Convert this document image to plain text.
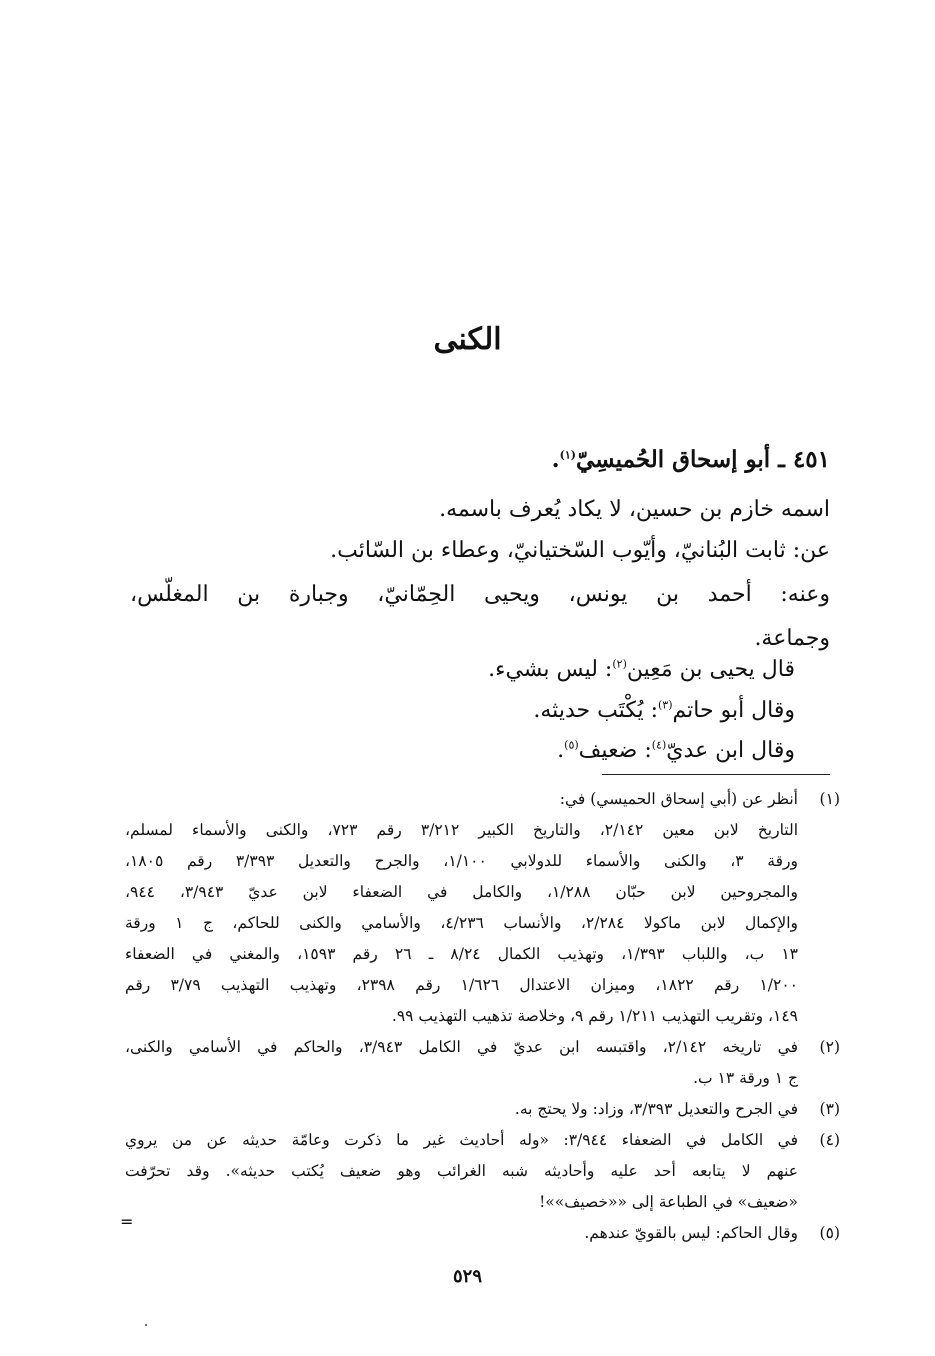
الكنى
٤٥١ ـ أبو إسحاق الحُميسِيّ$^{(١)}$.
اسمه خازم بن حسين، لا يكاد يُعرف باسمه.
عن: ثابت البُنانيّ، وأيّوب السّختيانيّ، وعطاء بن السّائب.
وعنه: أحمد بن يونس، ويحيى الحِمّانيّ، وجبارة بن المغلّس،
وجماعة.
قال يحيى بن مَعِين$^{(٢)}$: ليس بشيء.
وقال أبو حاتم$^{(٣)}$: يُكْتَب حديثه.
وقال ابن عديّ$^{(٤)}$: ضعيف$^{(٥)}$.
(١)
أنظر عن (أبي إسحاق الحميسي) في:
التاريخ لابن معين ٢/١٤٢، والتاريخ الكبير ٣/٢١٢ رقم ٧٢٣، والكنى والأسماء لمسلم،
ورقة ٣، والكنى والأسماء للدولابي ١/١٠٠، والجرح والتعديل ٣/٣٩٣ رقم ١٨٠٥،
والمجروحين لابن حبّان ١/٢٨٨، والكامل في الضعفاء لابن عديّ ٣/٩٤٣، ٩٤٤،
والإكمال لابن ماكولا ٢/٢٨٤، والأنساب ٤/٢٣٦، والأسامي والكنى للحاكم، ج ١ ورقة
١٣ ب، واللباب ١/٣٩٣، وتهذيب الكمال ٨/٢٤ ـ ٢٦ رقم ١٥٩٣، والمغني في الضعفاء
١/٢٠٠ رقم ١٨٢٢، وميزان الاعتدال ١/٦٢٦ رقم ٢٣٩٨، وتهذيب التهذيب ٣/٧٩ رقم
١٤٩، وتقريب التهذيب ١/٢١١ رقم ٩، وخلاصة تذهيب التهذيب ٩٩.
(٢)
في تاريخه ٢/١٤٢، واقتبسه ابن عديّ في الكامل ٣/٩٤٣، والحاكم في الأسامي والكنى،
ج ١ ورقة ١٣ ب.
(٣)
في الجرح والتعديل ٣/٣٩٣، وزاد: ولا يحتج به.
(٤)
في الكامل في الضعفاء ٣/٩٤٤: «وله أحاديث غير ما ذكرت وعامّة حديثه عن من يروي
عنهم لا يتابعه أحد عليه وأحاديثه شبه الغرائب وهو ضعيف يُكتب حديثه». وقد تحرّفت
«ضعيف» في الطباعة إلى ««خصيف»»!
(٥)
وقال الحاكم: ليس بالقويّ عندهم.
=
٥٢٩
